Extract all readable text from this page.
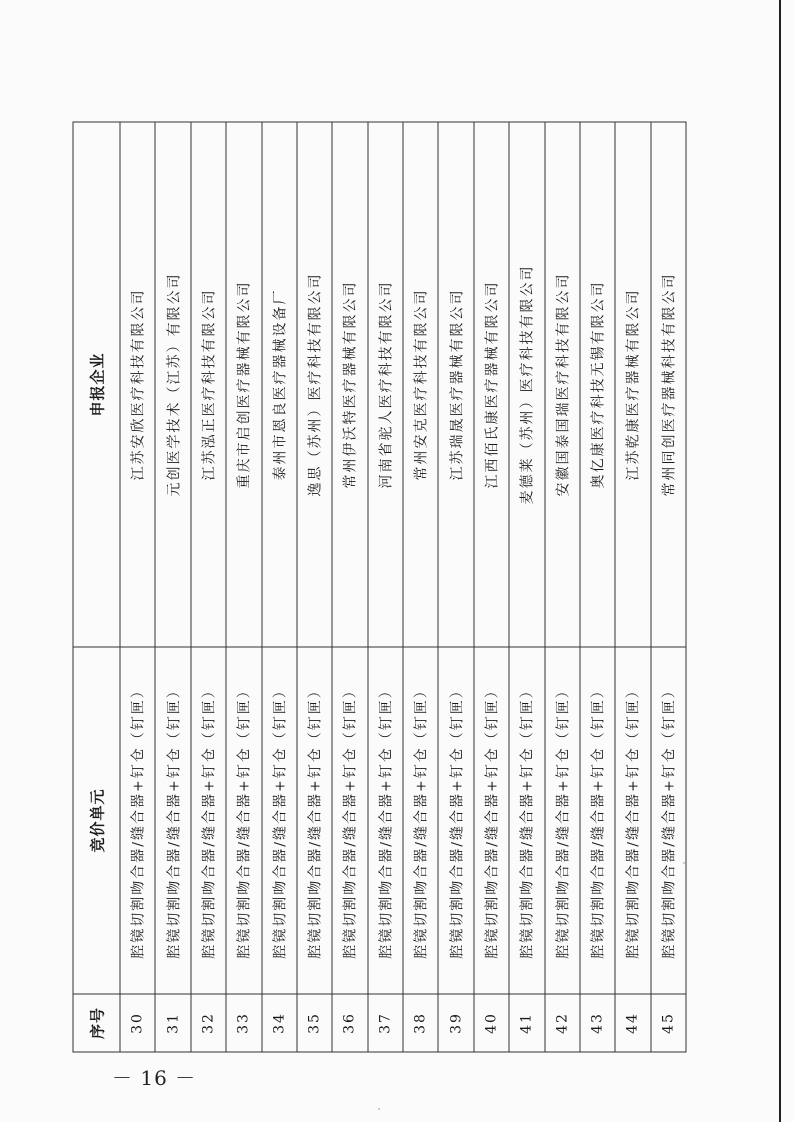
序号	竞价单元	申报企业
30	腔镜切割吻合器/缝合器+钉仓（钉匣）	江苏安欣医疗科技有限公司
31	腔镜切割吻合器/缝合器+钉仓（钉匣）	元创医学技术（江苏）有限公司
32	腔镜切割吻合器/缝合器+钉仓（钉匣）	江苏泓正医疗科技有限公司
33	腔镜切割吻合器/缝合器+钉仓（钉匣）	重庆市启创医疗器械有限公司
34	腔镜切割吻合器/缝合器+钉仓（钉匣）	泰州市恩良医疗器械设备厂
35	腔镜切割吻合器/缝合器+钉仓（钉匣）	逸思（苏州）医疗科技有限公司
36	腔镜切割吻合器/缝合器+钉仓（钉匣）	常州伊沃特医疗器械有限公司
37	腔镜切割吻合器/缝合器+钉仓（钉匣）	河南省驼人医疗科技有限公司
38	腔镜切割吻合器/缝合器+钉仓（钉匣）	常州安克医疗科技有限公司
39	腔镜切割吻合器/缝合器+钉仓（钉匣）	江苏瑞晟医疗器械有限公司
40	腔镜切割吻合器/缝合器+钉仓（钉匣）	江西佰氏康医疗器械有限公司
41	腔镜切割吻合器/缝合器+钉仓（钉匣）	麦德莱（苏州）医疗科技有限公司
42	腔镜切割吻合器/缝合器+钉仓（钉匣）	安徽国泰国瑞医疗科技有限公司
43	腔镜切割吻合器/缝合器+钉仓（钉匣）	奥亿康医疗科技无锡有限公司
44	腔镜切割吻合器/缝合器+钉仓（钉匣）	江苏乾康医疗器械有限公司
45	腔镜切割吻合器/缝合器+钉仓（钉匣）	常州同创医疗器械科技有限公司
－ 16 －
